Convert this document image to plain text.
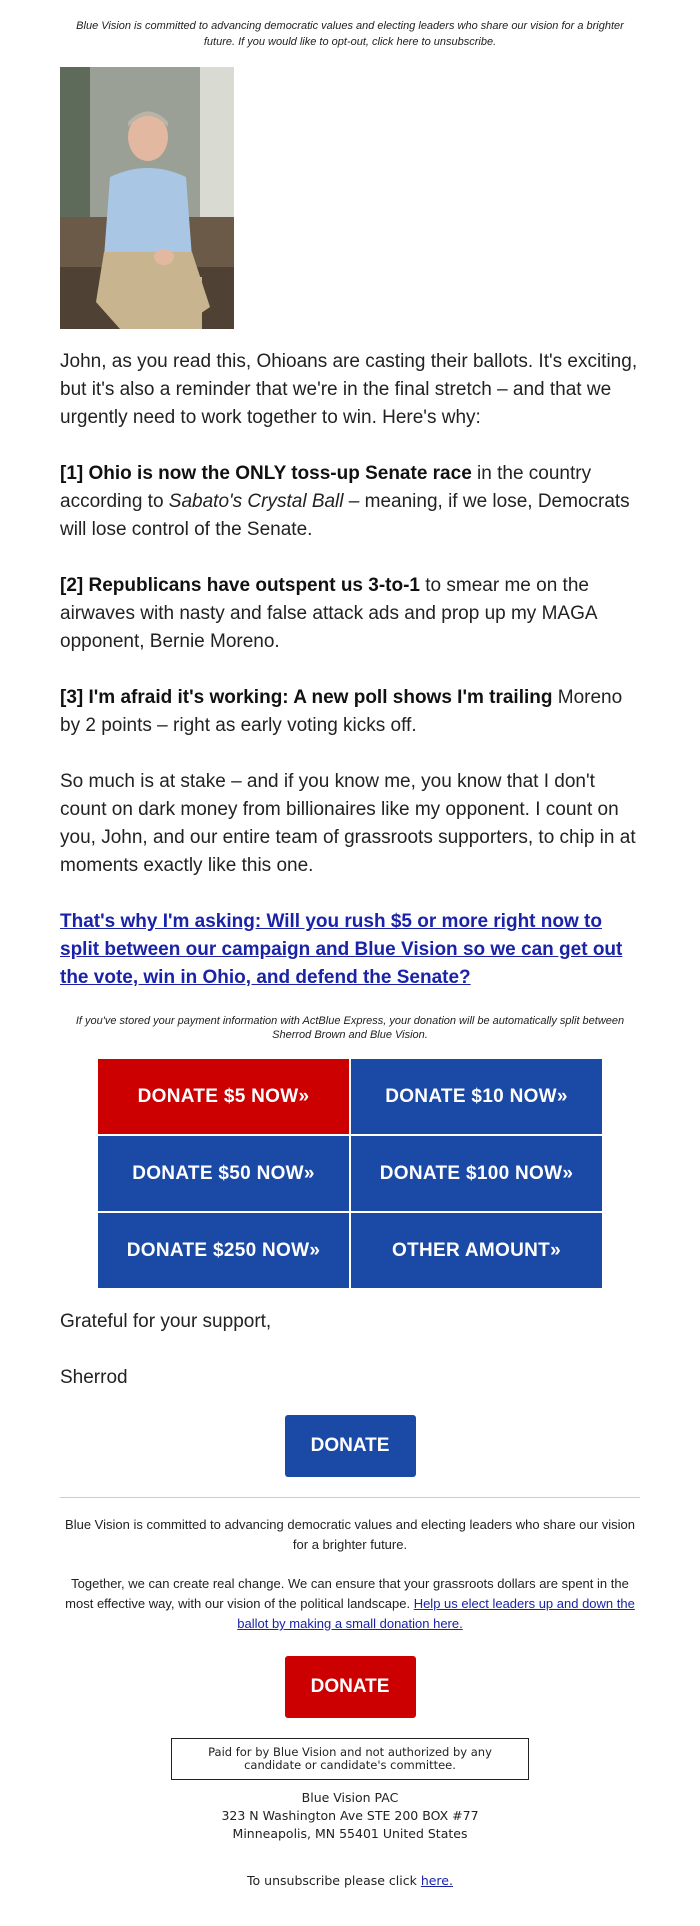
Blue Vision is committed to advancing democratic values and electing leaders who share our vision for a brighter future. If you would like to opt-out, click here to unsubscribe.

John, as you read this, Ohioans are casting their ballots. It's exciting, but it's also a reminder that we're in the final stretch – and that we urgently need to work together to win. Here's why:

[1] Ohio is now the ONLY toss-up Senate race in the country according to Sabato's Crystal Ball – meaning, if we lose, Democrats will lose control of the Senate.

[2] Republicans have outspent us 3-to-1 to smear me on the airwaves with nasty and false attack ads and prop up my MAGA opponent, Bernie Moreno.

[3] I'm afraid it's working: A new poll shows I'm trailing Moreno by 2 points – right as early voting kicks off.

So much is at stake – and if you know me, you know that I don't count on dark money from billionaires like my opponent. I count on you, John, and our entire team of grassroots supporters, to chip in at moments exactly like this one.

That's why I'm asking: Will you rush $5 or more right now to split between our campaign and Blue Vision so we can get out the vote, win in Ohio, and defend the Senate?
If you've stored your payment information with ActBlue Express, your donation will be automatically split between Sherrod Brown and Blue Vision.
DONATE $5 NOW»	DONATE $10 NOW»
DONATE $50 NOW»	DONATE $100 NOW»
DONATE $250 NOW»	OTHER AMOUNT»
Grateful for your support,
Sherrod
DONATE
Blue Vision is committed to advancing democratic values and electing leaders who share our vision for a brighter future.
Together, we can create real change. We can ensure that your grassroots dollars are spent in the most effective way, with our vision of the political landscape. Help us elect leaders up and down the ballot by making a small donation here.
DONATE
Paid for by Blue Vision and not authorized by any candidate or candidate's committee.
Blue Vision PAC
323 N Washington Ave STE 200 BOX #77
Minneapolis, MN 55401 United States
To unsubscribe please click here.
